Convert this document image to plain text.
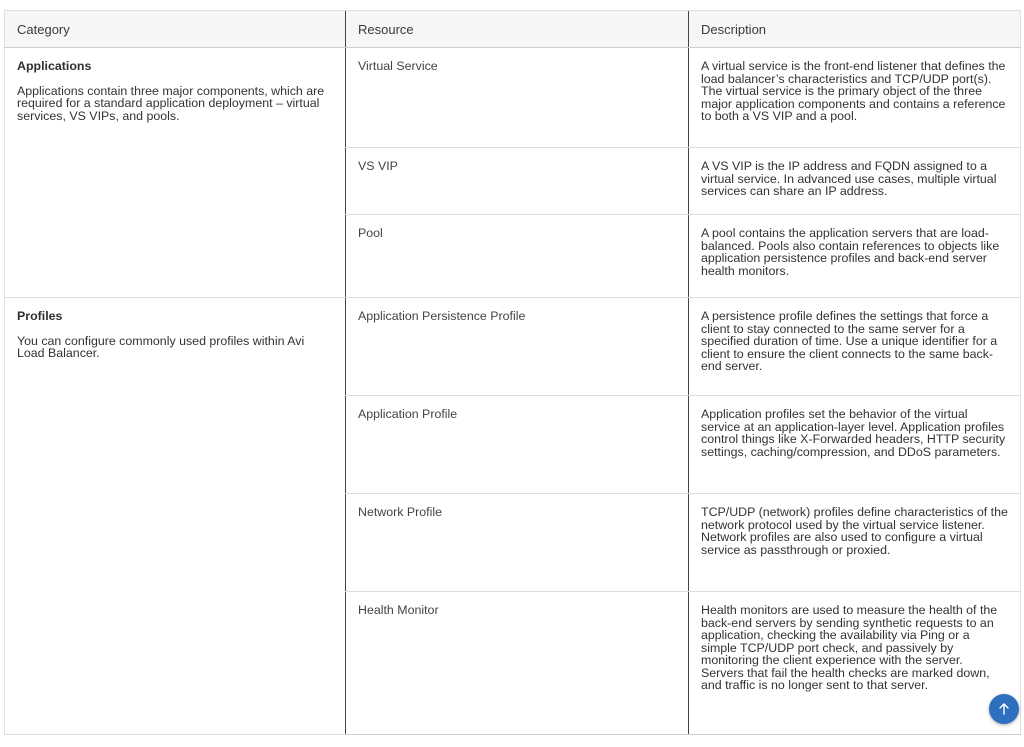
Category	Resource	Description

Applications

Applications contain three major components, which are required for a standard application deployment – virtual services, VS VIPs, and pools.	Virtual Service	A virtual service is the front-end listener that defines the load balancer’s characteristics and TCP/UDP port(s). The virtual service is the primary object of the three major application components and contains a reference to both a VS VIP and a pool.
	VS VIP	A VS VIP is the IP address and FQDN assigned to a virtual service. In advanced use cases, multiple virtual services can share an IP address.
	Pool	A pool contains the application servers that are load-balanced. Pools also contain references to objects like application persistence profiles and back-end server health monitors.

Profiles

You can configure commonly used profiles within Avi Load Balancer.	Application Persistence Profile	A persistence profile defines the settings that force a client to stay connected to the same server for a specified duration of time. Use a unique identifier for a client to ensure the client connects to the same back-end server.
	Application Profile	Application profiles set the behavior of the virtual service at an application-layer level. Application profiles control things like X-Forwarded headers, HTTP security settings, caching/compression, and DDoS parameters.
	Network Profile	TCP/UDP (network) profiles define characteristics of the network protocol used by the virtual service listener. Network profiles are also used to configure a virtual service as passthrough or proxied.
	Health Monitor	Health monitors are used to measure the health of the back-end servers by sending synthetic requests to an application, checking the availability via Ping or a simple TCP/UDP port check, and passively by monitoring the client experience with the server. Servers that fail the health checks are marked down, and traffic is no longer sent to that server.
